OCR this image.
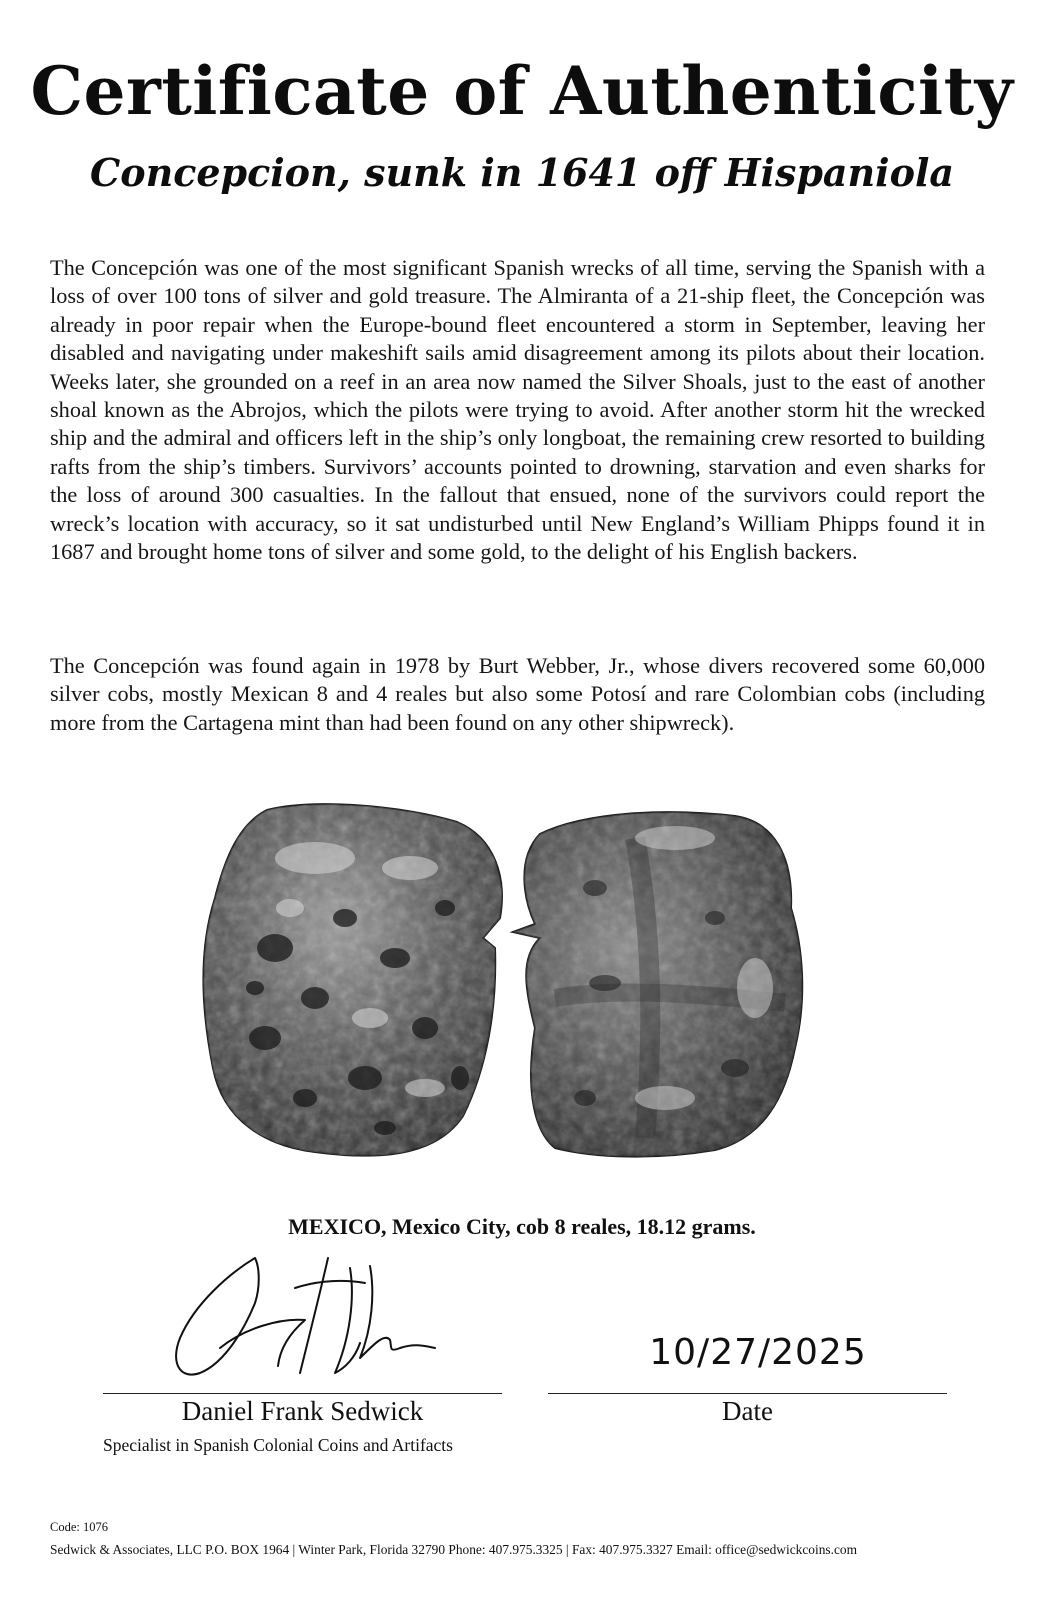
Certificate of Authenticity
Concepcion, sunk in 1641 off Hispaniola

The Concepción was one of the most significant Spanish wrecks of all time, serving the Spanish with a loss of over 100 tons of silver and gold treasure. The Almiranta of a 21-ship fleet, the Concepción was already in poor repair when the Europe-bound fleet encountered a storm in September, leaving her disabled and navigating under makeshift sails amid disagreement among its pilots about their location. Weeks later, she grounded on a reef in an area now named the Silver Shoals, just to the east of another shoal known as the Abrojos, which the pilots were trying to avoid. After another storm hit the wrecked ship and the admiral and officers left in the ship’s only longboat, the remaining crew resorted to building rafts from the ship’s timbers. Survivors’ accounts pointed to drowning, starvation and even sharks for the loss of around 300 casualties. In the fallout that ensued, none of the survivors could report the wreck’s location with accuracy, so it sat undisturbed until New England’s William Phipps found it in 1687 and brought home tons of silver and some gold, to the delight of his English backers.

The Concepción was found again in 1978 by Burt Webber, Jr., whose divers recovered some 60,000 silver cobs, mostly Mexican 8 and 4 reales but also some Potosí and rare Colombian cobs (including more from the Cartagena mint than had been found on any other shipwreck).

MEXICO, Mexico City, cob 8 reales, 18.12 grams.
10/27/2025
Daniel Frank Sedwick
Specialist in Spanish Colonial Coins and Artifacts
Date
Code: 1076
Sedwick & Associates, LLC P.O. BOX 1964 | Winter Park, Florida 32790 Phone: 407.975.3325 | Fax: 407.975.3327 Email: office@sedwickcoins.com
